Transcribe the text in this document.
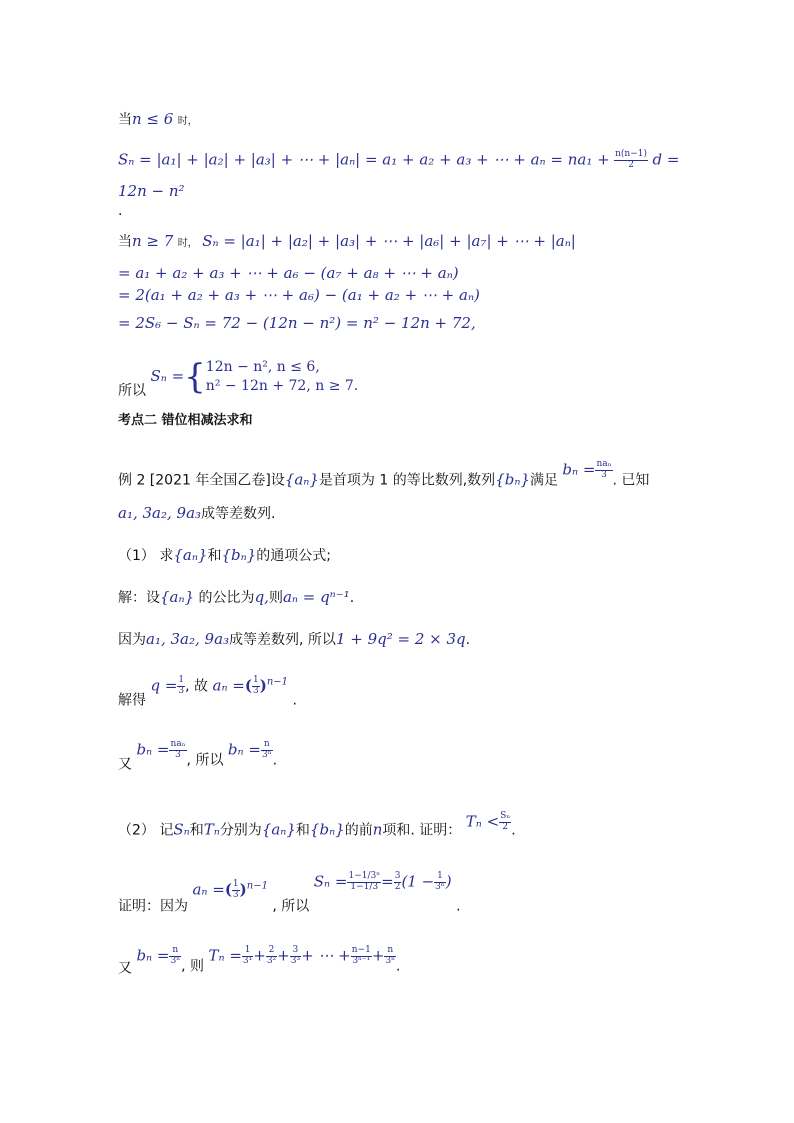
当n ≤ 6 时，
Sₙ = |a₁| + |a₂| + |a₃| + ⋯ + |aₙ| = a₁ + a₂ + a₃ + ⋯ + $a_n = na_1 + \frac{n(n-1)}{2}$ d =
12n − n²
.
当n ≥ 7 时， Sₙ = |a₁| + |a₂| + |a₃| + ⋯ + |a₆| + |a₇| + ⋯ + |aₙ|
= a₁ + a₂ + a₃ + ⋯ + a₆ − (a₇ + a₈ + ⋯ + aₙ)
= 2(a₁ + a₂ + a₃ + ⋯ + a₆) − (a₁ + a₂ + ⋯ + aₙ)
= 2S₆ − Sₙ = 72 − (12n − n²) = n² − 12n + 72,
所以 Sₙ ={ 12n − n², n ≤ 6,
n² − 12n + 72, n ≥ 7.
考点二 错位相减法求和
例 2 [2021 年全国乙卷]设{aₙ}是首项为 1 的等比数列,数列{bₙ}满足 $b_n = \frac{\text{naₙ}}{3}$ . 已知
a₁, 3a₂, 9a₃成等差数列.
（1） 求{aₙ}和{bₙ}的通项公式;
解：设{aₙ} 的公比为q,则aₙ = qⁿ⁻¹.
因为a₁, 3a₂, 9a₃成等差数列, 所以1 + 9q² = 2 × 3q.
解得 $q = \frac{1}{3}$ , 故 aₙ =( $\frac{1}{3} )^{n-1}$ .
又 $b_n = \frac{\text{naₙ}}{3}$ , 所以 $b_n = \frac{n}{\text{3ⁿ}}$ .
（2） 记Sₙ和Tₙ分别为{aₙ}和{bₙ}的前n项和. 证明： $T_n < \frac{\text{Sₙ}}{2}$ .
证明：因为 aₙ =( $\frac{1}{3} )^{n-1}$ , 所以 $S_n = \frac{\text{1−1/3ⁿ}}{1-1/3} = \frac{3}{2} (1 - \frac{1}{\text{3ⁿ}}$ ) .
又 $b_n = \frac{n}{\text{3ⁿ}}$ , 则 $T_n = \frac{1}{\text{3¹}} + \frac{2}{\text{3²}} + \frac{3}{\text{3³}}$ + ⋯ + $\frac{n-1}{\text{3ⁿ⁻¹}} + \frac{n}{\text{3ⁿ}}$ .
